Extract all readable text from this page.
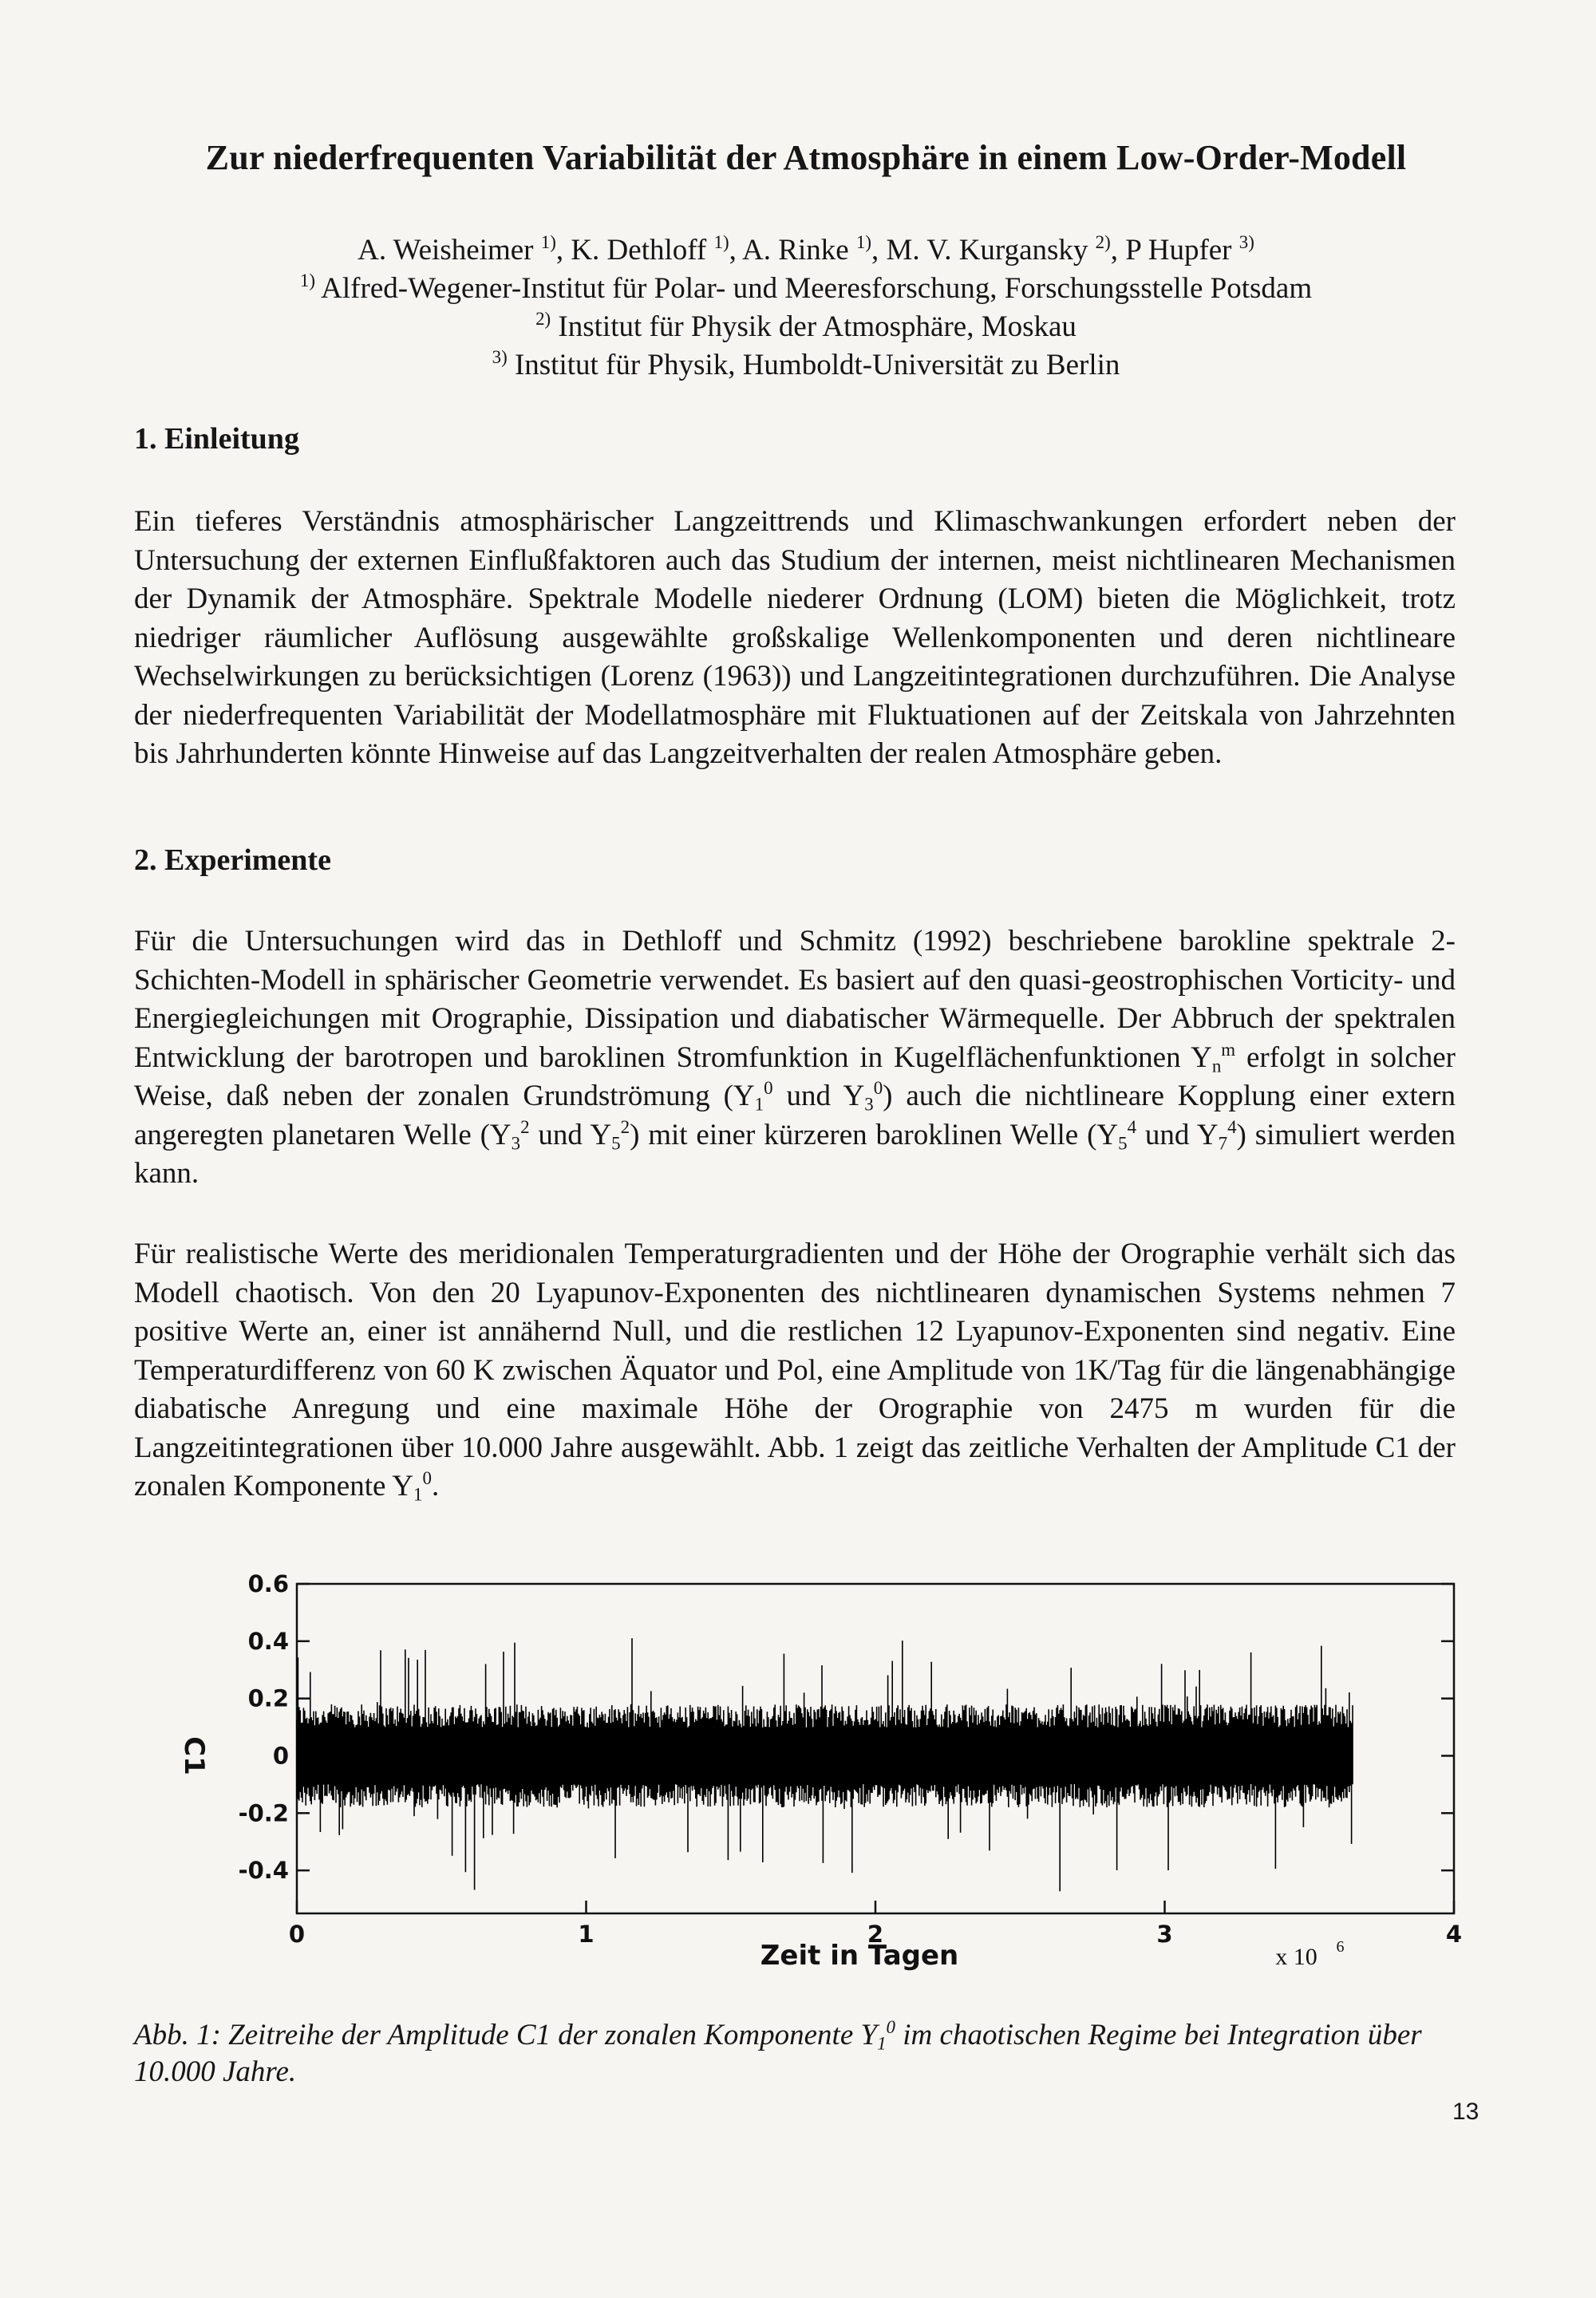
Zur niederfrequenten Variabilität der Atmosphäre in einem Low-Order-Modell
A. Weisheimer $^{1)}$, K. Dethloff $^{1)}$, A. Rinke $^{1)}$, M. V. Kurgansky $^{2)}$, P Hupfer $^{3)}$
$^{1)}$ Alfred-Wegener-Institut für Polar- und Meeresforschung, Forschungsstelle Potsdam
$^{2)}$ Institut für Physik der Atmosphäre, Moskau
$^{3)}$ Institut für Physik, Humboldt-Universität zu Berlin
1. Einleitung
Ein tieferes Verständnis atmosphärischer Langzeittrends und Klimaschwankungen erfordert neben der Untersuchung der externen Einflußfaktoren auch das Studium der internen, meist nichtlinearen Mechanismen der Dynamik der Atmosphäre. Spektrale Modelle niederer Ordnung (LOM) bieten die Möglichkeit, trotz niedriger räumlicher Auflösung ausgewählte großskalige Wellenkomponenten und deren nichtlineare Wechselwirkungen zu berücksichtigen (Lorenz (1963)) und Langzeitintegrationen durchzuführen. Die Analyse der niederfrequenten Variabilität der Modellatmosphäre mit Fluktuationen auf der Zeitskala von Jahrzehnten bis Jahrhunderten könnte Hinweise auf das Langzeitverhalten der realen Atmosphäre geben.
2. Experimente
Für die Untersuchungen wird das in Dethloff und Schmitz (1992) beschriebene barokline spektrale 2-Schichten-Modell in sphärischer Geometrie verwendet. Es basiert auf den quasi-geostrophischen Vorticity- und Energiegleichungen mit Orographie, Dissipation und diabatischer Wärmequelle. Der Abbruch der spektralen Entwicklung der barotropen und baroklinen Stromfunktion in Kugelflächenfunktionen $Y_n^m$ erfolgt in solcher Weise, daß neben der zonalen Grundströmung ($Y_1^0$ und $Y_3^0$) auch die nichtlineare Kopplung einer extern angeregten planetaren Welle ($Y_3^2$ und $Y_5^2$) mit einer kürzeren baroklinen Welle ($Y_5^4$ und $Y_7^4$) simuliert werden kann.
Für realistische Werte des meridionalen Temperaturgradienten und der Höhe der Orographie verhält sich das Modell chaotisch. Von den 20 Lyapunov-Exponenten des nichtlinearen dynamischen Systems nehmen 7 positive Werte an, einer ist annähernd Null, und die restlichen 12 Lyapunov-Exponenten sind negativ. Eine Temperaturdifferenz von 60 K zwischen Äquator und Pol, eine Amplitude von 1K/Tag für die längenabhängige diabatische Anregung und eine maximale Höhe der Orographie von 2475 m wurden für die Langzeitintegrationen über 10.000 Jahre ausgewählt. Abb. 1 zeigt das zeitliche Verhalten der Amplitude C1 der zonalen Komponente $Y_1^0$.
0.6
0.4
0.2
0
-0.2
-0.4
0	1	2	3	4
C1
Zeit in Tagen	x 10 6
Abb. 1: Zeitreihe der Amplitude C1 der zonalen Komponente $Y_1^0$ im chaotischen Regime bei Integration über 10.000 Jahre.
13
